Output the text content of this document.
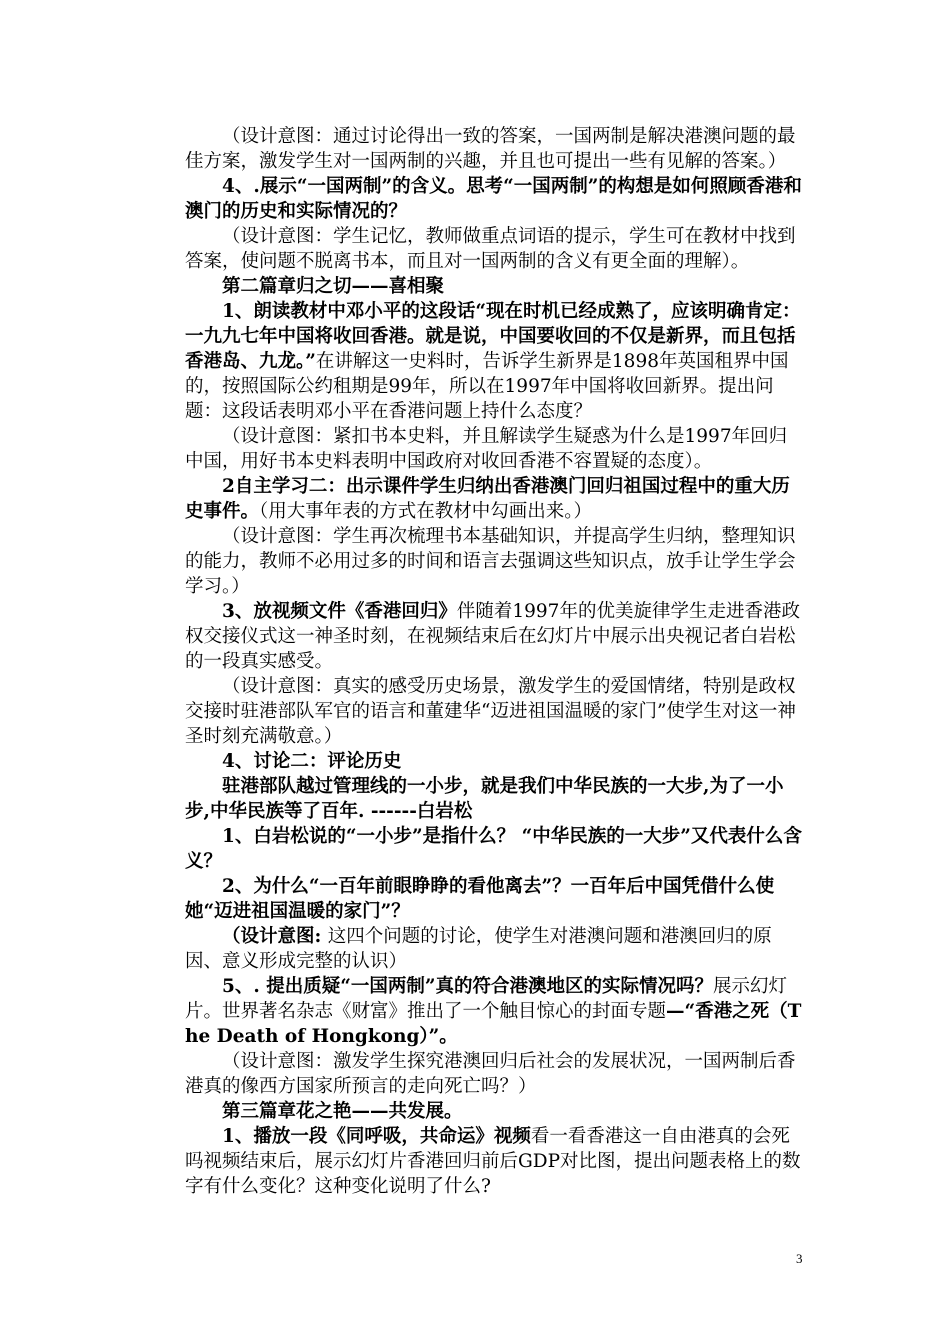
（设计意图：通过讨论得出一致的答案，一国两制是解决港澳问题的最佳方案，激发学生对一国两制的兴趣，并且也可提出一些有见解的答案。）

4、.展示“一国两制”的含义。思考“一国两制”的构想是如何照顾香港和澳门的历史和实际情况的？

（设计意图：学生记忆，教师做重点词语的提示，学生可在教材中找到答案，使问题不脱离书本，而且对一国两制的含义有更全面的理解）。

第二篇章归之切——喜相聚

1、朗读教材中邓小平的这段话“现在时机已经成熟了，应该明确肯定：一九九七年中国将收回香港。就是说，中国要收回的不仅是新界，而且包括香港岛、九龙。”在讲解这一史料时，告诉学生新界是1898年英国租界中国的，按照国际公约租期是99年，所以在1997年中国将收回新界。提出问题：这段话表明邓小平在香港问题上持什么态度？

（设计意图：紧扣书本史料，并且解读学生疑惑为什么是1997年回归中国，用好书本史料表明中国政府对收回香港不容置疑的态度）。

2自主学习二：出示课件学生归纳出香港澳门回归祖国过程中的重大历史事件。（用大事年表的方式在教材中勾画出来。）

（设计意图：学生再次梳理书本基础知识，并提高学生归纳，整理知识的能力，教师不必用过多的时间和语言去强调这些知识点，放手让学生学会学习。）

3、放视频文件《香港回归》伴随着1997年的优美旋律学生走进香港政权交接仪式这一神圣时刻，在视频结束后在幻灯片中展示出央视记者白岩松的一段真实感受。

（设计意图：真实的感受历史场景，激发学生的爱国情绪，特别是政权交接时驻港部队军官的语言和董建华“迈进祖国温暖的家门”使学生对这一神圣时刻充满敬意。）

4、讨论二：评论历史

驻港部队越过管理线的一小步，就是我们中华民族的一大步,为了一小步,中华民族等了百年. ------白岩松

1、白岩松说的“一小步”是指什么？ “中华民族的一大步”又代表什么含义？

2、为什么“一百年前眼睁睁的看他离去”？一百年后中国凭借什么使她“迈进祖国温暖的家门”？

（设计意图: 这四个问题的讨论，使学生对港澳问题和港澳回归的原因、意义形成完整的认识）

5、. 提出质疑“一国两制”真的符合港澳地区的实际情况吗？展示幻灯片。世界著名杂志《财富》推出了一个触目惊心的封面专题—“香港之死（The Death of Hongkong）”。

（设计意图：激发学生探究港澳回归后社会的发展状况，一国两制后香港真的像西方国家所预言的走向死亡吗？）

第三篇章花之艳——共发展。

1、播放一段《同呼吸，共命运》视频看一看香港这一自由港真的会死吗视频结束后，展示幻灯片香港回归前后GDP对比图，提出问题表格上的数字有什么变化？这种变化说明了什么?

3
